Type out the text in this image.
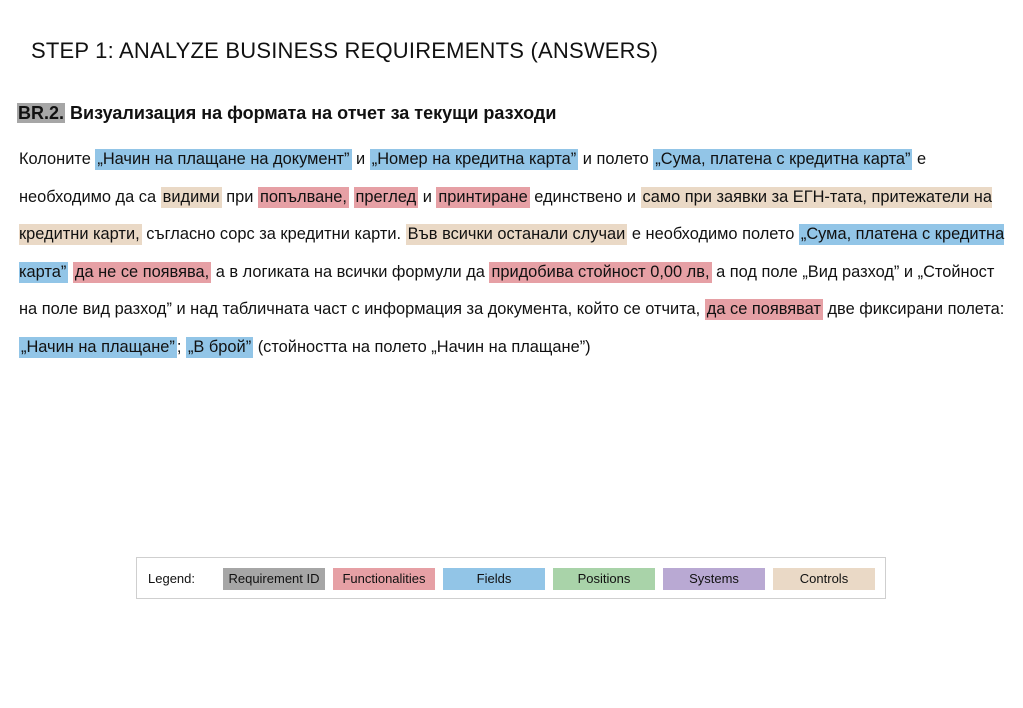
STEP 1: ANALYZE BUSINESS REQUIREMENTS (ANSWERS)
BR.2. Визуализация на формата на отчет за текущи разходи
Колоните „Начин на плащане на документ” и „Номер на кредитна карта” и полето „Сума, платена с кредитна карта” е необходимо да са видими при попълване, преглед и принтиране единствено и само при заявки за ЕГН-тата, притежатели на кредитни карти, съгласно сорс за кредитни карти. Във всички останали случаи е необходимо полето „Сума, платена с кредитна карта” да не се появява, а в логиката на всички формули да придобива стойност 0,00 лв, а под поле „Вид разход” и „Стойност на поле вид разход” и над табличната част с информация за документа, който се отчита, да се появяват две фиксирани полета:
„Начин на плащане” ; „В брой” (стойността на полето „Начин на плащане”)
Legend:	Requirement ID	Functionalities	Fields	Positions	Systems	Controls
